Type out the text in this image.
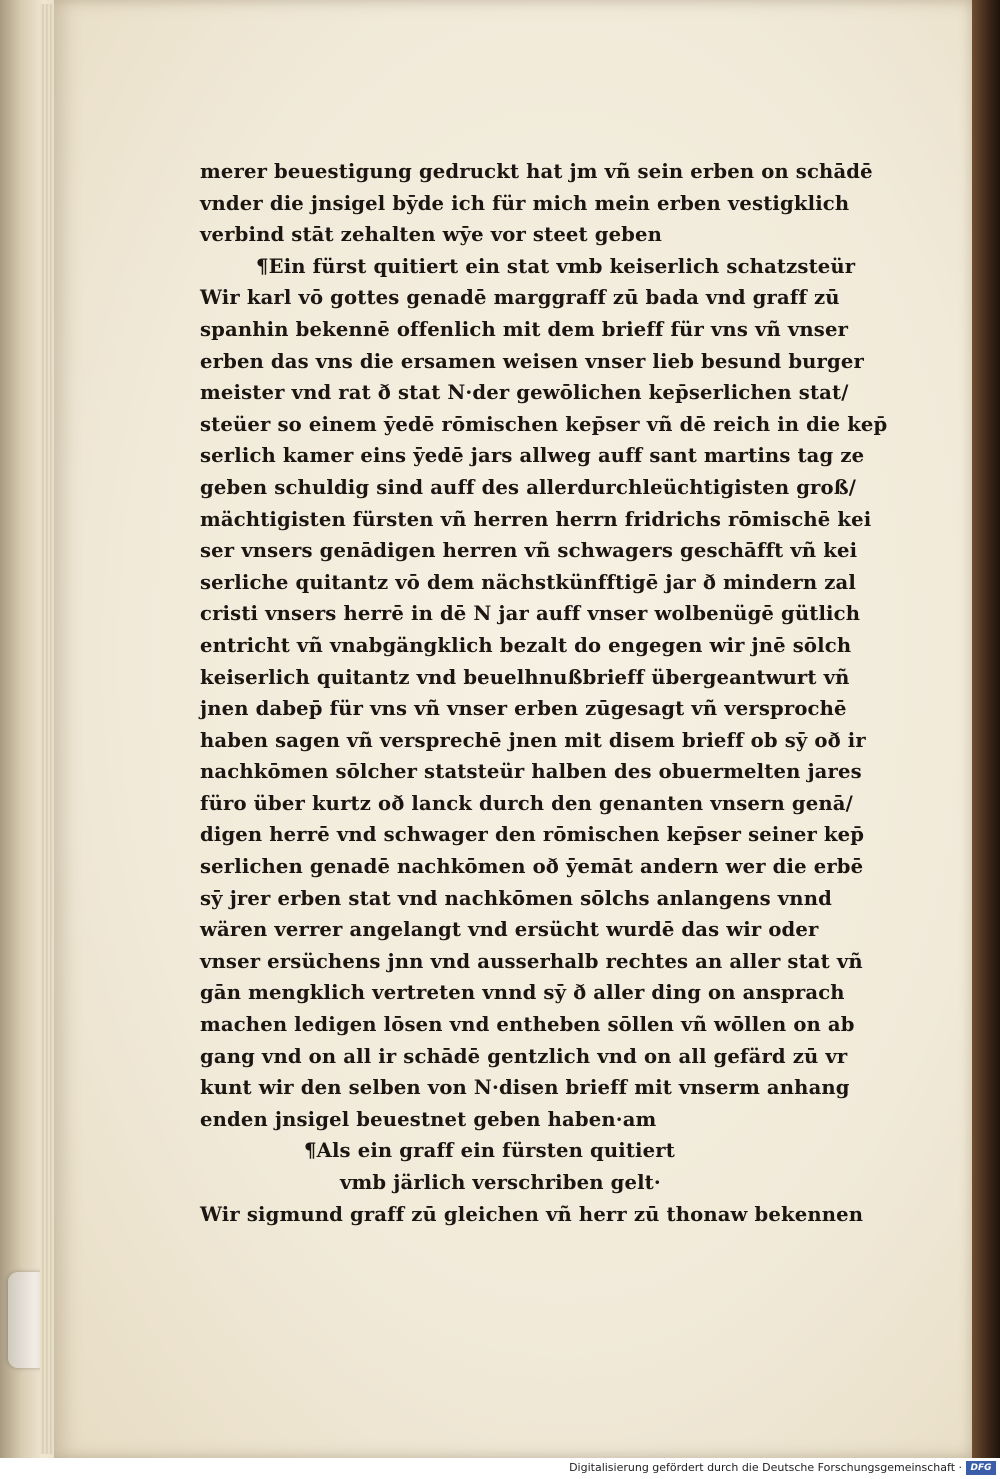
merer beuestigung gedruckt hat jm vñ sein erben on schādē
vnder die jnsigel bȳde ich für mich mein erben vestigklich
verbind stāt zehalten wȳe vor steet geben
¶Ein fürst quitiert ein stat vmb keiserlich schatzsteür
Wir karl vō gottes genadē marggraff zū bada vnd graff zū
spanhin bekennē offenlich mit dem brieff für vns vñ vnser
erben das vns die ersamen weisen vnser lieb besund burger
meister vnd rat ð stat N·der gewōlichen kep̄serlichen stat/
steüer so einem ȳedē rōmischen kep̄ser vñ dē reich in die kep̄
serlich kamer eins ȳedē jars allweg auff sant martins tag ze
geben schuldig sind auff des allerdurchleüchtigisten groß/
mächtigisten fürsten vñ herren herrn fridrichs rōmischē kei
ser vnsers genādigen herren vñ schwagers geschāfft vñ kei
serliche quitantz vō dem nächstkünfftigē jar ð mindern zal
cristi vnsers herrē in dē N jar auff vnser wolbenügē gütlich
entricht vñ vnabgängklich bezalt do engegen wir jnē sōlch
keiserlich quitantz vnd beuelhnußbrieff übergeantwurt vñ
jnen dabep̄ für vns vñ vnser erben zūgesagt vñ versprochē
haben sagen vñ versprechē jnen mit disem brieff ob sȳ oð ir
nachkōmen sōlcher statsteür halben des obuermelten jares
füro über kurtz oð lanck durch den genanten vnsern genā/
digen herrē vnd schwager den rōmischen kep̄ser seiner kep̄
serlichen genadē nachkōmen oð ȳemāt andern wer die erbē
sȳ jrer erben stat vnd nachkōmen sōlchs anlangens vnnd
wären verrer angelangt vnd ersücht wurdē das wir oder
vnser ersüchens jnn vnd ausserhalb rechtes an aller stat vñ
gān mengklich vertreten vnnd sȳ ð aller ding on ansprach
machen ledigen lōsen vnd entheben sōllen vñ wōllen on ab
gang vnd on all ir schādē gentzlich vnd on all gefärd zū vr
kunt wir den selben von N·disen brieff mit vnserm anhang
enden jnsigel beuestnet geben haben·am
¶Als ein graff ein fürsten quitiert
vmb järlich verschriben gelt·
Wir sigmund graff zū gleichen vñ herr zū thonaw bekennen
Digitalisierung gefördert durch die Deutsche Forschungsgemeinschaft · DFG
